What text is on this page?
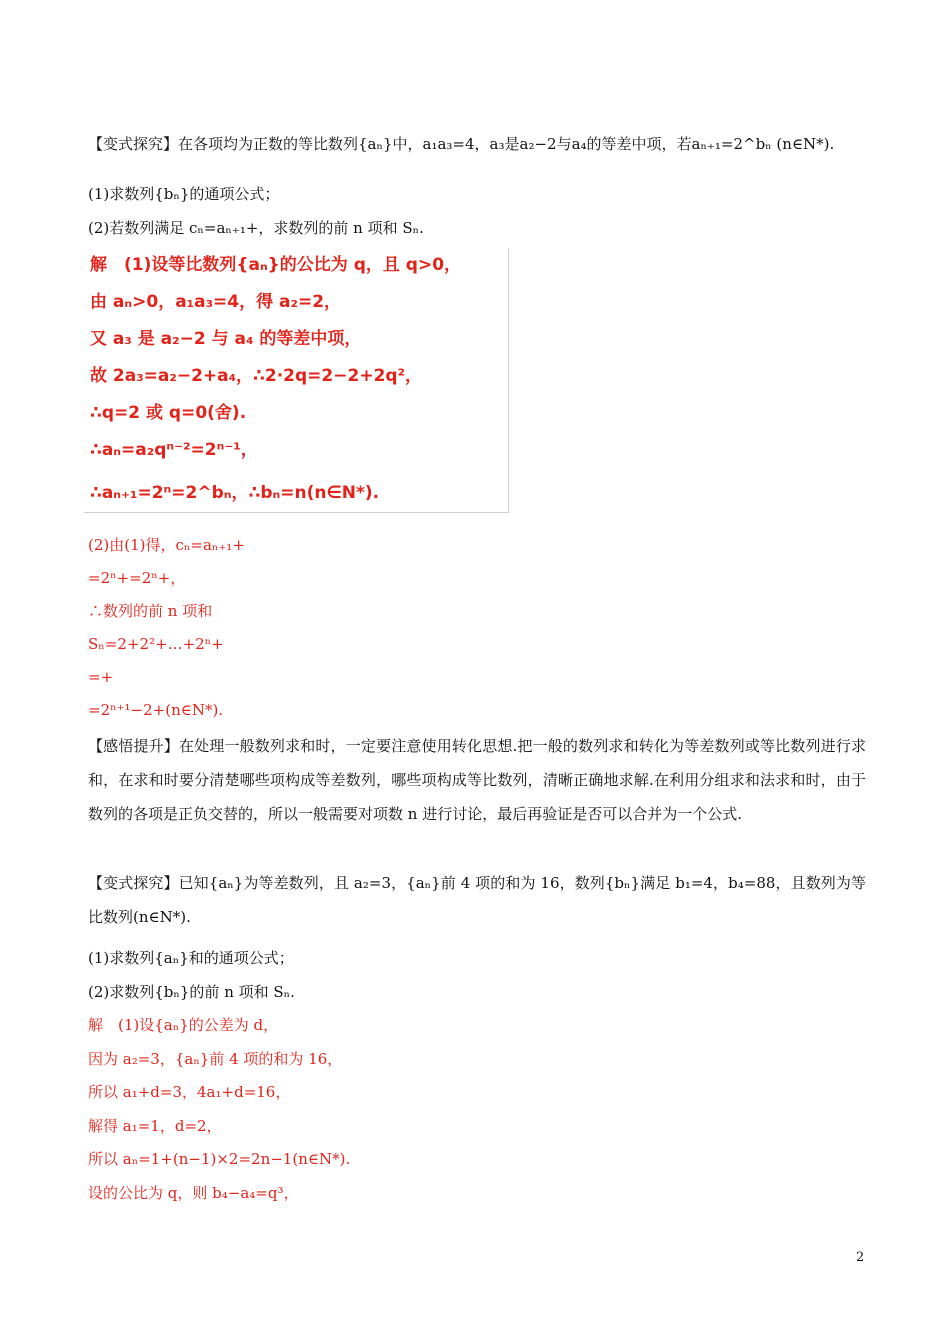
【变式探究】在各项均为正数的等比数列{aₙ}中，a₁a₃=4，a₃是a₂−2与a₄的等差中项，若aₙ₊₁=2^bₙ (n∈N*).
(1)求数列{bₙ}的通项公式；
(2)若数列满足 cₙ=aₙ₊₁+，求数列的前 n 项和 Sₙ.
解　(1)设等比数列{aₙ}的公比为 q，且 q>0，
由 aₙ>0，a₁a₃=4，得 a₂=2，
又 a₃ 是 a₂−2 与 a₄ 的等差中项，
故 2a₃=a₂−2+a₄，∴2·2q=2−2+2q²，
∴q=2 或 q=0(舍).
∴aₙ=a₂qⁿ⁻²=2ⁿ⁻¹，
∴aₙ₊₁=2ⁿ=2^bₙ，∴bₙ=n(n∈N*).
(2)由(1)得，cₙ=aₙ₊₁+
=2ⁿ+=2ⁿ+，
∴数列的前 n 项和
Sₙ=2+2²+…+2ⁿ+
=+
=2ⁿ⁺¹−2+(n∈N*).
【感悟提升】在处理一般数列求和时，一定要注意使用转化思想.把一般的数列求和转化为等差数列或等比数列进行求和，在求和时要分清楚哪些项构成等差数列，哪些项构成等比数列，清晰正确地求解.在利用分组求和法求和时，由于数列的各项是正负交替的，所以一般需要对项数 n 进行讨论，最后再验证是否可以合并为一个公式.
【变式探究】已知{aₙ}为等差数列，且 a₂=3，{aₙ}前 4 项的和为 16，数列{bₙ}满足 b₁=4，b₄=88，且数列为等比数列(n∈N*).
(1)求数列{aₙ}和的通项公式；
(2)求数列{bₙ}的前 n 项和 Sₙ.
解　(1)设{aₙ}的公差为 d，
因为 a₂=3，{aₙ}前 4 项的和为 16，
所以 a₁+d=3，4a₁+d=16，
解得 a₁=1，d=2，
所以 aₙ=1+(n−1)×2=2n−1(n∈N*).
设的公比为 q，则 b₄−a₄=q³，
2
